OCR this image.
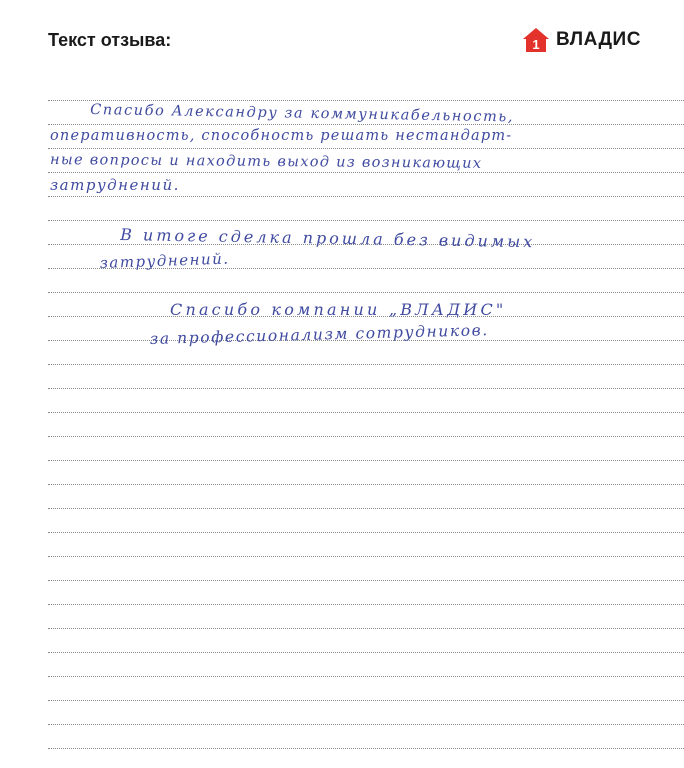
Текст отзыва:	1 ВЛАДИС
Спасибо Александру за коммуникабельность,
оперативность, способность решать нестандарт-
ные вопросы и находить выход из возникающих
затруднений.
В итоге сделка прошла без видимых
затруднений.
Спасибо компании „ВЛАДИС"
за профессионализм сотрудников.
